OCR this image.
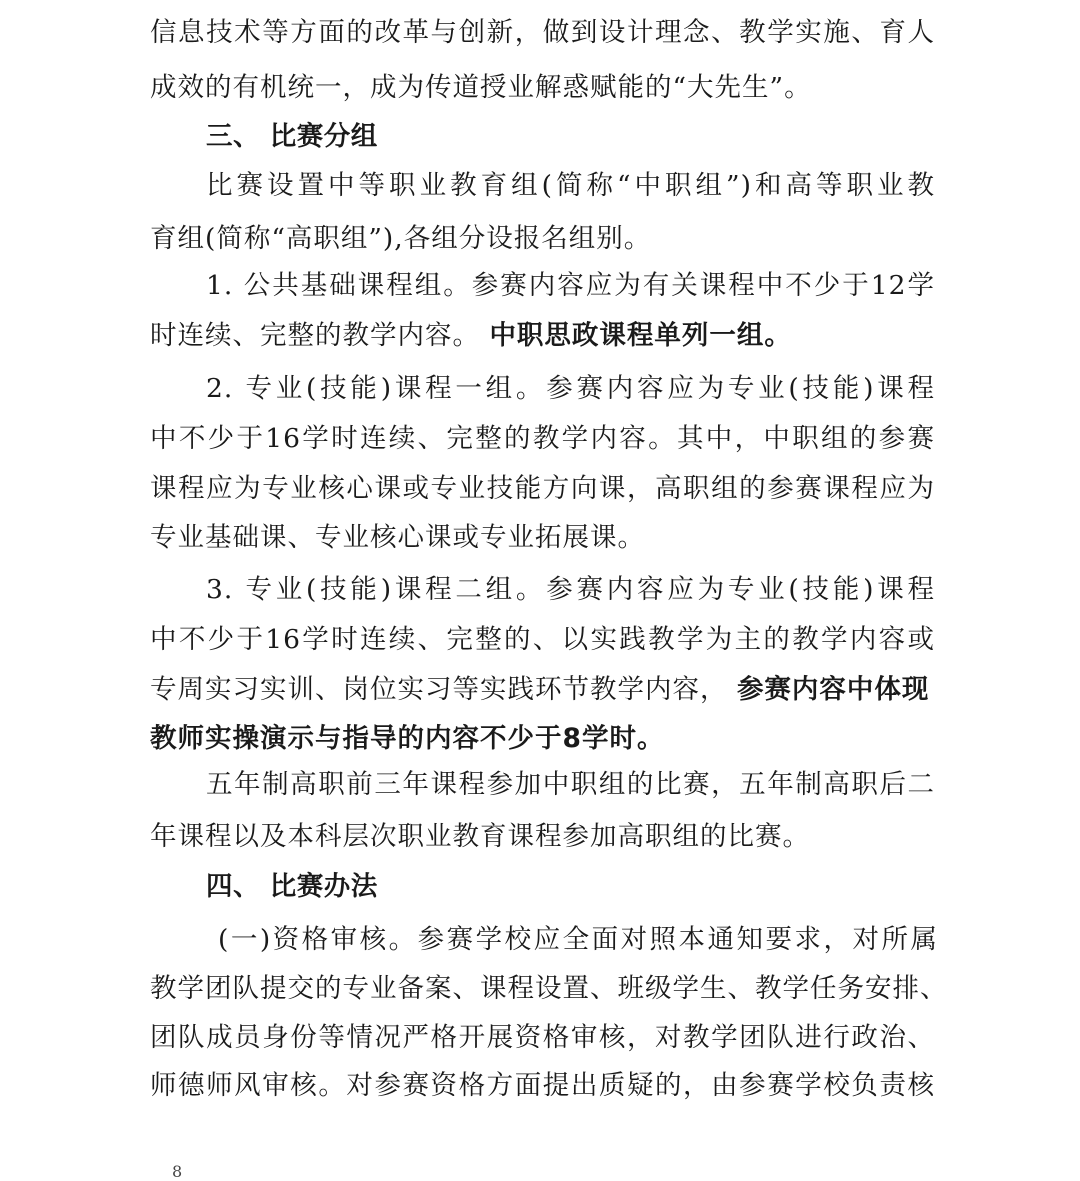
信息技术等方面的改革与创新，做到设计理念、教学实施、育人
成效的有机统一，成为传道授业解惑赋能的“大先生”。
三、 比赛分组
比赛设置中等职业教育组(简称“中职组”)和高等职业教
育组(简称“高职组”),各组分设报名组别。
1. 公共基础课程组。参赛内容应为有关课程中不少于12学
时连续、完整的教学内容。 中职思政课程单列一组。
2. 专业(技能)课程一组。参赛内容应为专业(技能)课程
中不少于16学时连续、完整的教学内容。其中，中职组的参赛
课程应为专业核心课或专业技能方向课，高职组的参赛课程应为
专业基础课、专业核心课或专业拓展课。
3. 专业(技能)课程二组。参赛内容应为专业(技能)课程
中不少于16学时连续、完整的、以实践教学为主的教学内容或
专周实习实训、岗位实习等实践环节教学内容， 参赛内容中体现
教师实操演示与指导的内容不少于8学时。
五年制高职前三年课程参加中职组的比赛，五年制高职后二
年课程以及本科层次职业教育课程参加高职组的比赛。
四、 比赛办法
(一)资格审核。参赛学校应全面对照本通知要求，对所属
教学团队提交的专业备案、课程设置、班级学生、教学任务安排、
团队成员身份等情况严格开展资格审核，对教学团队进行政治、
师德师风审核。对参赛资格方面提出质疑的，由参赛学校负责核
8
